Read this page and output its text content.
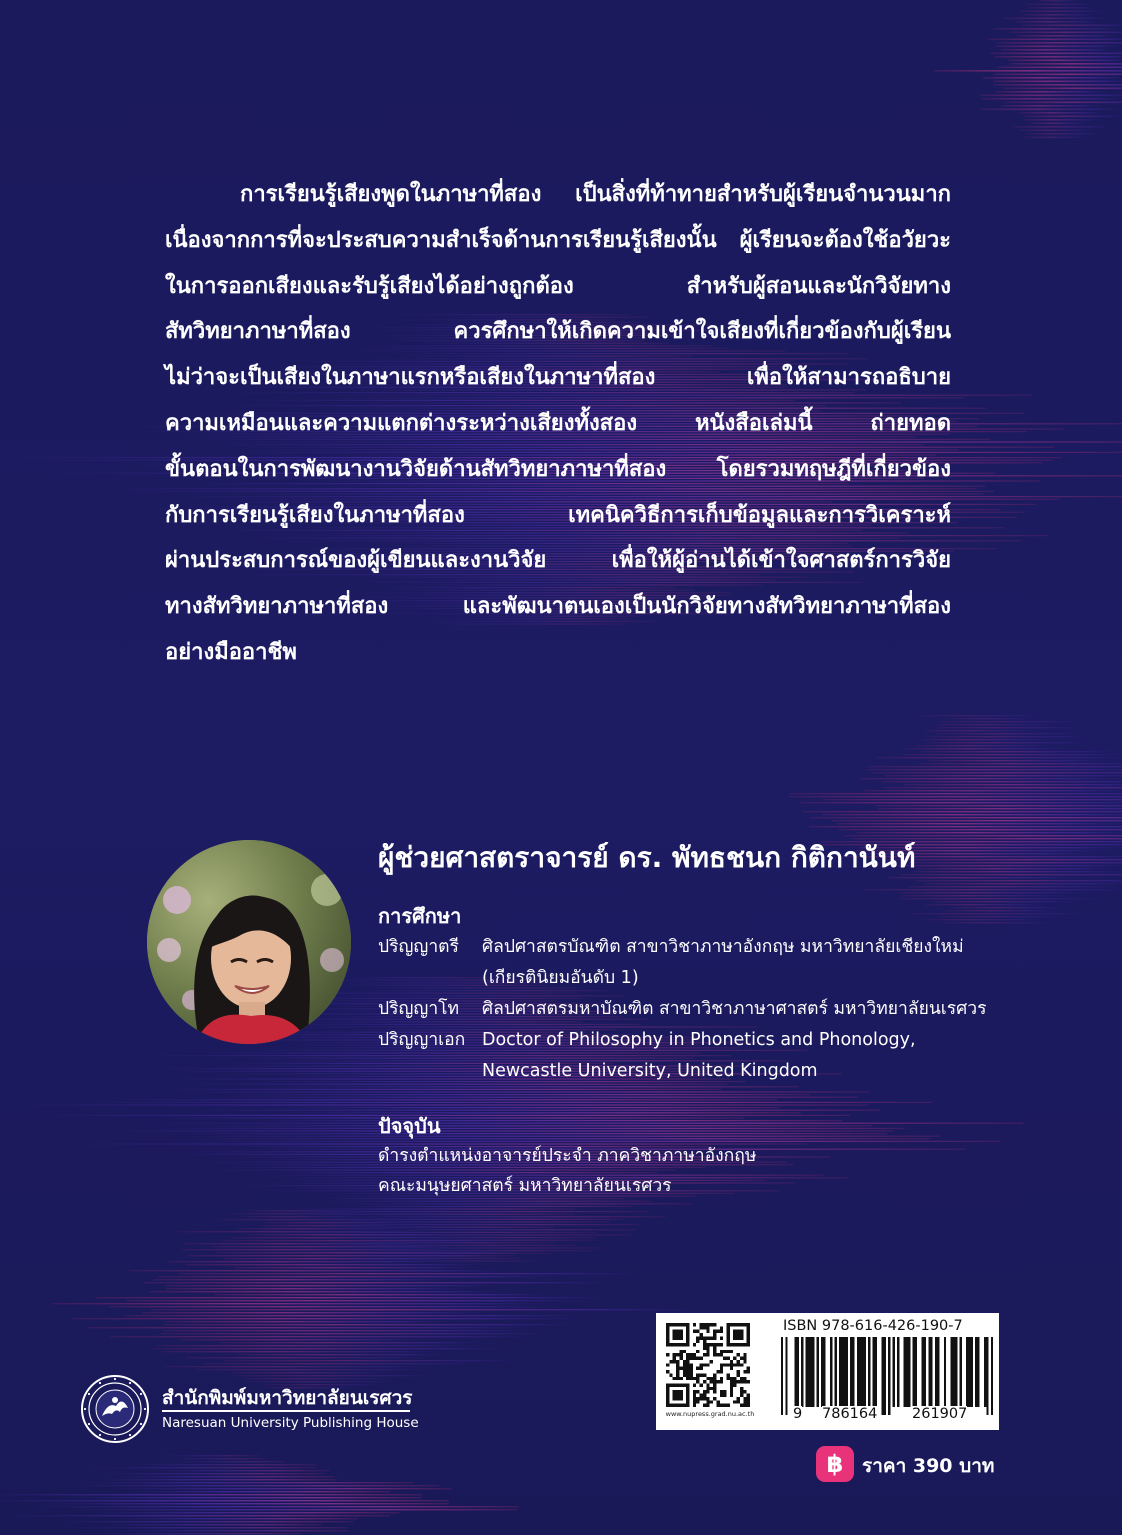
การเรียนรู้เสียงพูดในภาษาที่สอง เป็นสิ่งที่ท้าทายสำหรับผู้เรียนจำนวนมาก
เนื่องจากการที่จะประสบความสำเร็จด้านการเรียนรู้เสียงนั้น ผู้เรียนจะต้องใช้อวัยวะ
ในการออกเสียงและรับรู้เสียงได้อย่างถูกต้อง สำหรับผู้สอนและนักวิจัยทาง
สัทวิทยาภาษาที่สอง ควรศึกษาให้เกิดความเข้าใจเสียงที่เกี่ยวข้องกับผู้เรียน
ไม่ว่าจะเป็นเสียงในภาษาแรกหรือเสียงในภาษาที่สอง เพื่อให้สามารถอธิบาย
ความเหมือนและความแตกต่างระหว่างเสียงทั้งสอง หนังสือเล่มนี้ ถ่ายทอด
ขั้นตอนในการพัฒนางานวิจัยด้านสัทวิทยาภาษาที่สอง โดยรวมทฤษฎีที่เกี่ยวข้อง
กับการเรียนรู้เสียงในภาษาที่สอง เทคนิควิธีการเก็บข้อมูลและการวิเคราะห์
ผ่านประสบการณ์ของผู้เขียนและงานวิจัย เพื่อให้ผู้อ่านได้เข้าใจศาสตร์การวิจัย
ทางสัทวิทยาภาษาที่สอง และพัฒนาตนเองเป็นนักวิจัยทางสัทวิทยาภาษาที่สอง
อย่างมืออาชีพ
ผู้ช่วยศาสตราจารย์ ดร. พัทธชนก กิติกานันท์
การศึกษา
ปริญญาตรี	ศิลปศาสตรบัณฑิต สาขาวิชาภาษาอังกฤษ มหาวิทยาลัยเชียงใหม่
(เกียรตินิยมอันดับ 1)
ปริญญาโท	ศิลปศาสตรมหาบัณฑิต สาขาวิชาภาษาศาสตร์ มหาวิทยาลัยนเรศวร
ปริญญาเอก Doctor of Philosophy in Phonetics and Phonology,
Newcastle University, United Kingdom
ปัจจุบัน
ดำรงตำแหน่งอาจารย์ประจำ ภาควิชาภาษาอังกฤษ
คณะมนุษยศาสตร์ มหาวิทยาลัยนเรศวร
สำนักพิมพ์มหาวิทยาลัยนเรศวร
Naresuan University Publishing House
www.nupress.grad.nu.ac.th
ISBN 978-616-426-190-7
9 786164 261907
฿ ราคา 390 บาท
